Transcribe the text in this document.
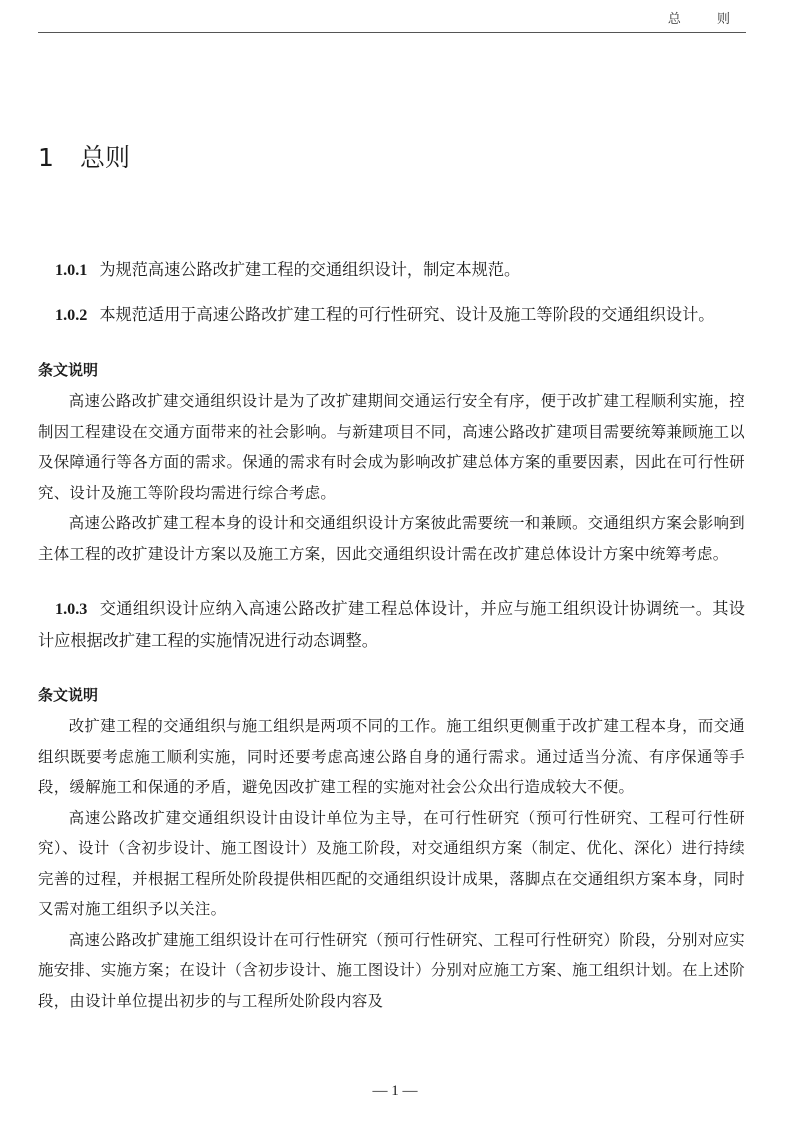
总 则
1 总则

1.0.1 为规范高速公路改扩建工程的交通组织设计，制定本规范。

1.0.2 本规范适用于高速公路改扩建工程的可行性研究、设计及施工等阶段的交通组织设计。

条文说明

高速公路改扩建交通组织设计是为了改扩建期间交通运行安全有序，便于改扩建工程顺利实施，控制因工程建设在交通方面带来的社会影响。与新建项目不同，高速公路改扩建项目需要统筹兼顾施工以及保障通行等各方面的需求。保通的需求有时会成为影响改扩建总体方案的重要因素，因此在可行性研究、设计及施工等阶段均需进行综合考虑。

高速公路改扩建工程本身的设计和交通组织设计方案彼此需要统一和兼顾。交通组织方案会影响到主体工程的改扩建设计方案以及施工方案，因此交通组织设计需在改扩建总体设计方案中统筹考虑。

1.0.3 交通组织设计应纳入高速公路改扩建工程总体设计，并应与施工组织设计协调统一。其设计应根据改扩建工程的实施情况进行动态调整。

条文说明

改扩建工程的交通组织与施工组织是两项不同的工作。施工组织更侧重于改扩建工程本身，而交通组织既要考虑施工顺利实施，同时还要考虑高速公路自身的通行需求。通过适当分流、有序保通等手段，缓解施工和保通的矛盾，避免因改扩建工程的实施对社会公众出行造成较大不便。

高速公路改扩建交通组织设计由设计单位为主导，在可行性研究（预可行性研究、工程可行性研究）、设计（含初步设计、施工图设计）及施工阶段，对交通组织方案（制定、优化、深化）进行持续完善的过程，并根据工程所处阶段提供相匹配的交通组织设计成果，落脚点在交通组织方案本身，同时又需对施工组织予以关注。

高速公路改扩建施工组织设计在可行性研究（预可行性研究、工程可行性研究）阶段，分别对应实施安排、实施方案；在设计（含初步设计、施工图设计）分别对应施工方案、施工组织计划。在上述阶段，由设计单位提出初步的与工程所处阶段内容及

— 1 —
